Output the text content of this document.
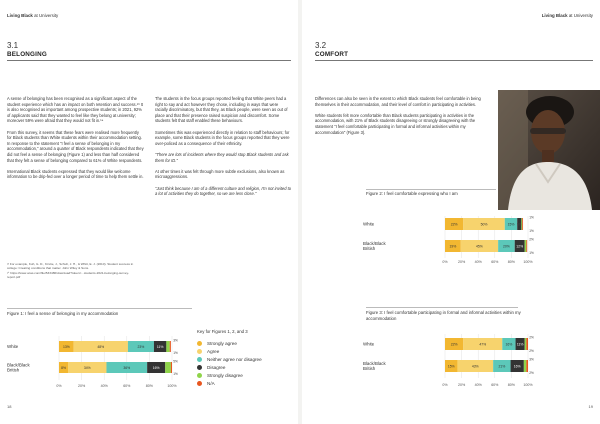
Living Black at University
3.1
BELONGING

A sense of belonging has been recognised as a significant aspect of the student experience which has an impact on both retention and success.¹³ It is also recognised as important among prospective students; in 2021, 92% of applicants said that they wanted to feel like they belong at university; moreover 59% were afraid that they would not fit in.¹⁴

From this survey, it seems that these fears were realised more frequently for Black students than White students within their accommodation setting. In response to the statement "I feel a sense of belonging in my accommodation," around a quarter of Black respondents indicated that they did not feel a sense of belonging (Figure 1) and less than half considered that they felt a sense of belonging compared to 61% of White respondents.

International Black students expressed that they would like welcome information to be drip-fed over a longer period of time to help them settle in.

The students in the focus groups reported feeling that White peers had a right to say and act however they chose, including in ways that were racially discriminatory, but that they, as Black people, were seen as out of place and that their presence raised suspicion and discomfort. Some students felt that staff enabled these behaviours.

Sometimes this was experienced directly in relation to staff behaviours; for example, some Black students in the focus groups reported that they were over-policed as a consequence of their ethnicity.

"There are lots of incidents where they would stop Black students and ask them for ID."

At other times it was felt through more subtle exclusions, also known as microaggressions.

"Just think because I am of a different culture and religion, I'm not invited to a lot of activities they do together, so we are less close."

¹³ For example, Kuh, G. D., Kinzie, J., Schuh, J. H., & Whitt, E. J. (2010). Student success in college: Creating conditions that matter. John Wiley & Sons.

¹⁴ https://www.ucas.com/file/533486/download?token=...students-2021-belonging-survey-report.pdf

Figure 1: I feel a sense of belonging in my accommodation
0%	20%	40%	60%	80%	100%
White	13%	48%	23%	11%
3%
1%
Black/Black
British	8%	34%	36%	16%
5%
1%
Key for Figures 1, 2, and 3
Strongly agree
Agree
Neither agree nor disagree
Disagree
Strongly disagree
N/A
18
Living Black at University
3.2
COMFORT

Differences can also be seen in the extent to which Black students feel comfortable in being themselves in their accommodation, and their level of comfort in participating in activities.

White students felt more comfortable than Black students participating in activities in the accommodation, with 21% of Black students disagreeing or strongly disagreeing with the statement "I feel comfortable participating in formal and informal activities within my accommodation" (Figure 3).

Figure 2: I feel comfortable expressing who I am
0%	20%	40%	60%	80% 100%
White	22%	50%	15% 5%
1%
1%
Black/Black
British	19%	45%	20% 12%
2%
1%
Figure 3: I feel comfortable participating in formal and informal activities within my accommodation
0%	20%	40%	60%	80% 100%
White	22%	47%	16% 11%
2%
2%
Black/Black
British	15%	43%	21%	16%
3%
2%
19
